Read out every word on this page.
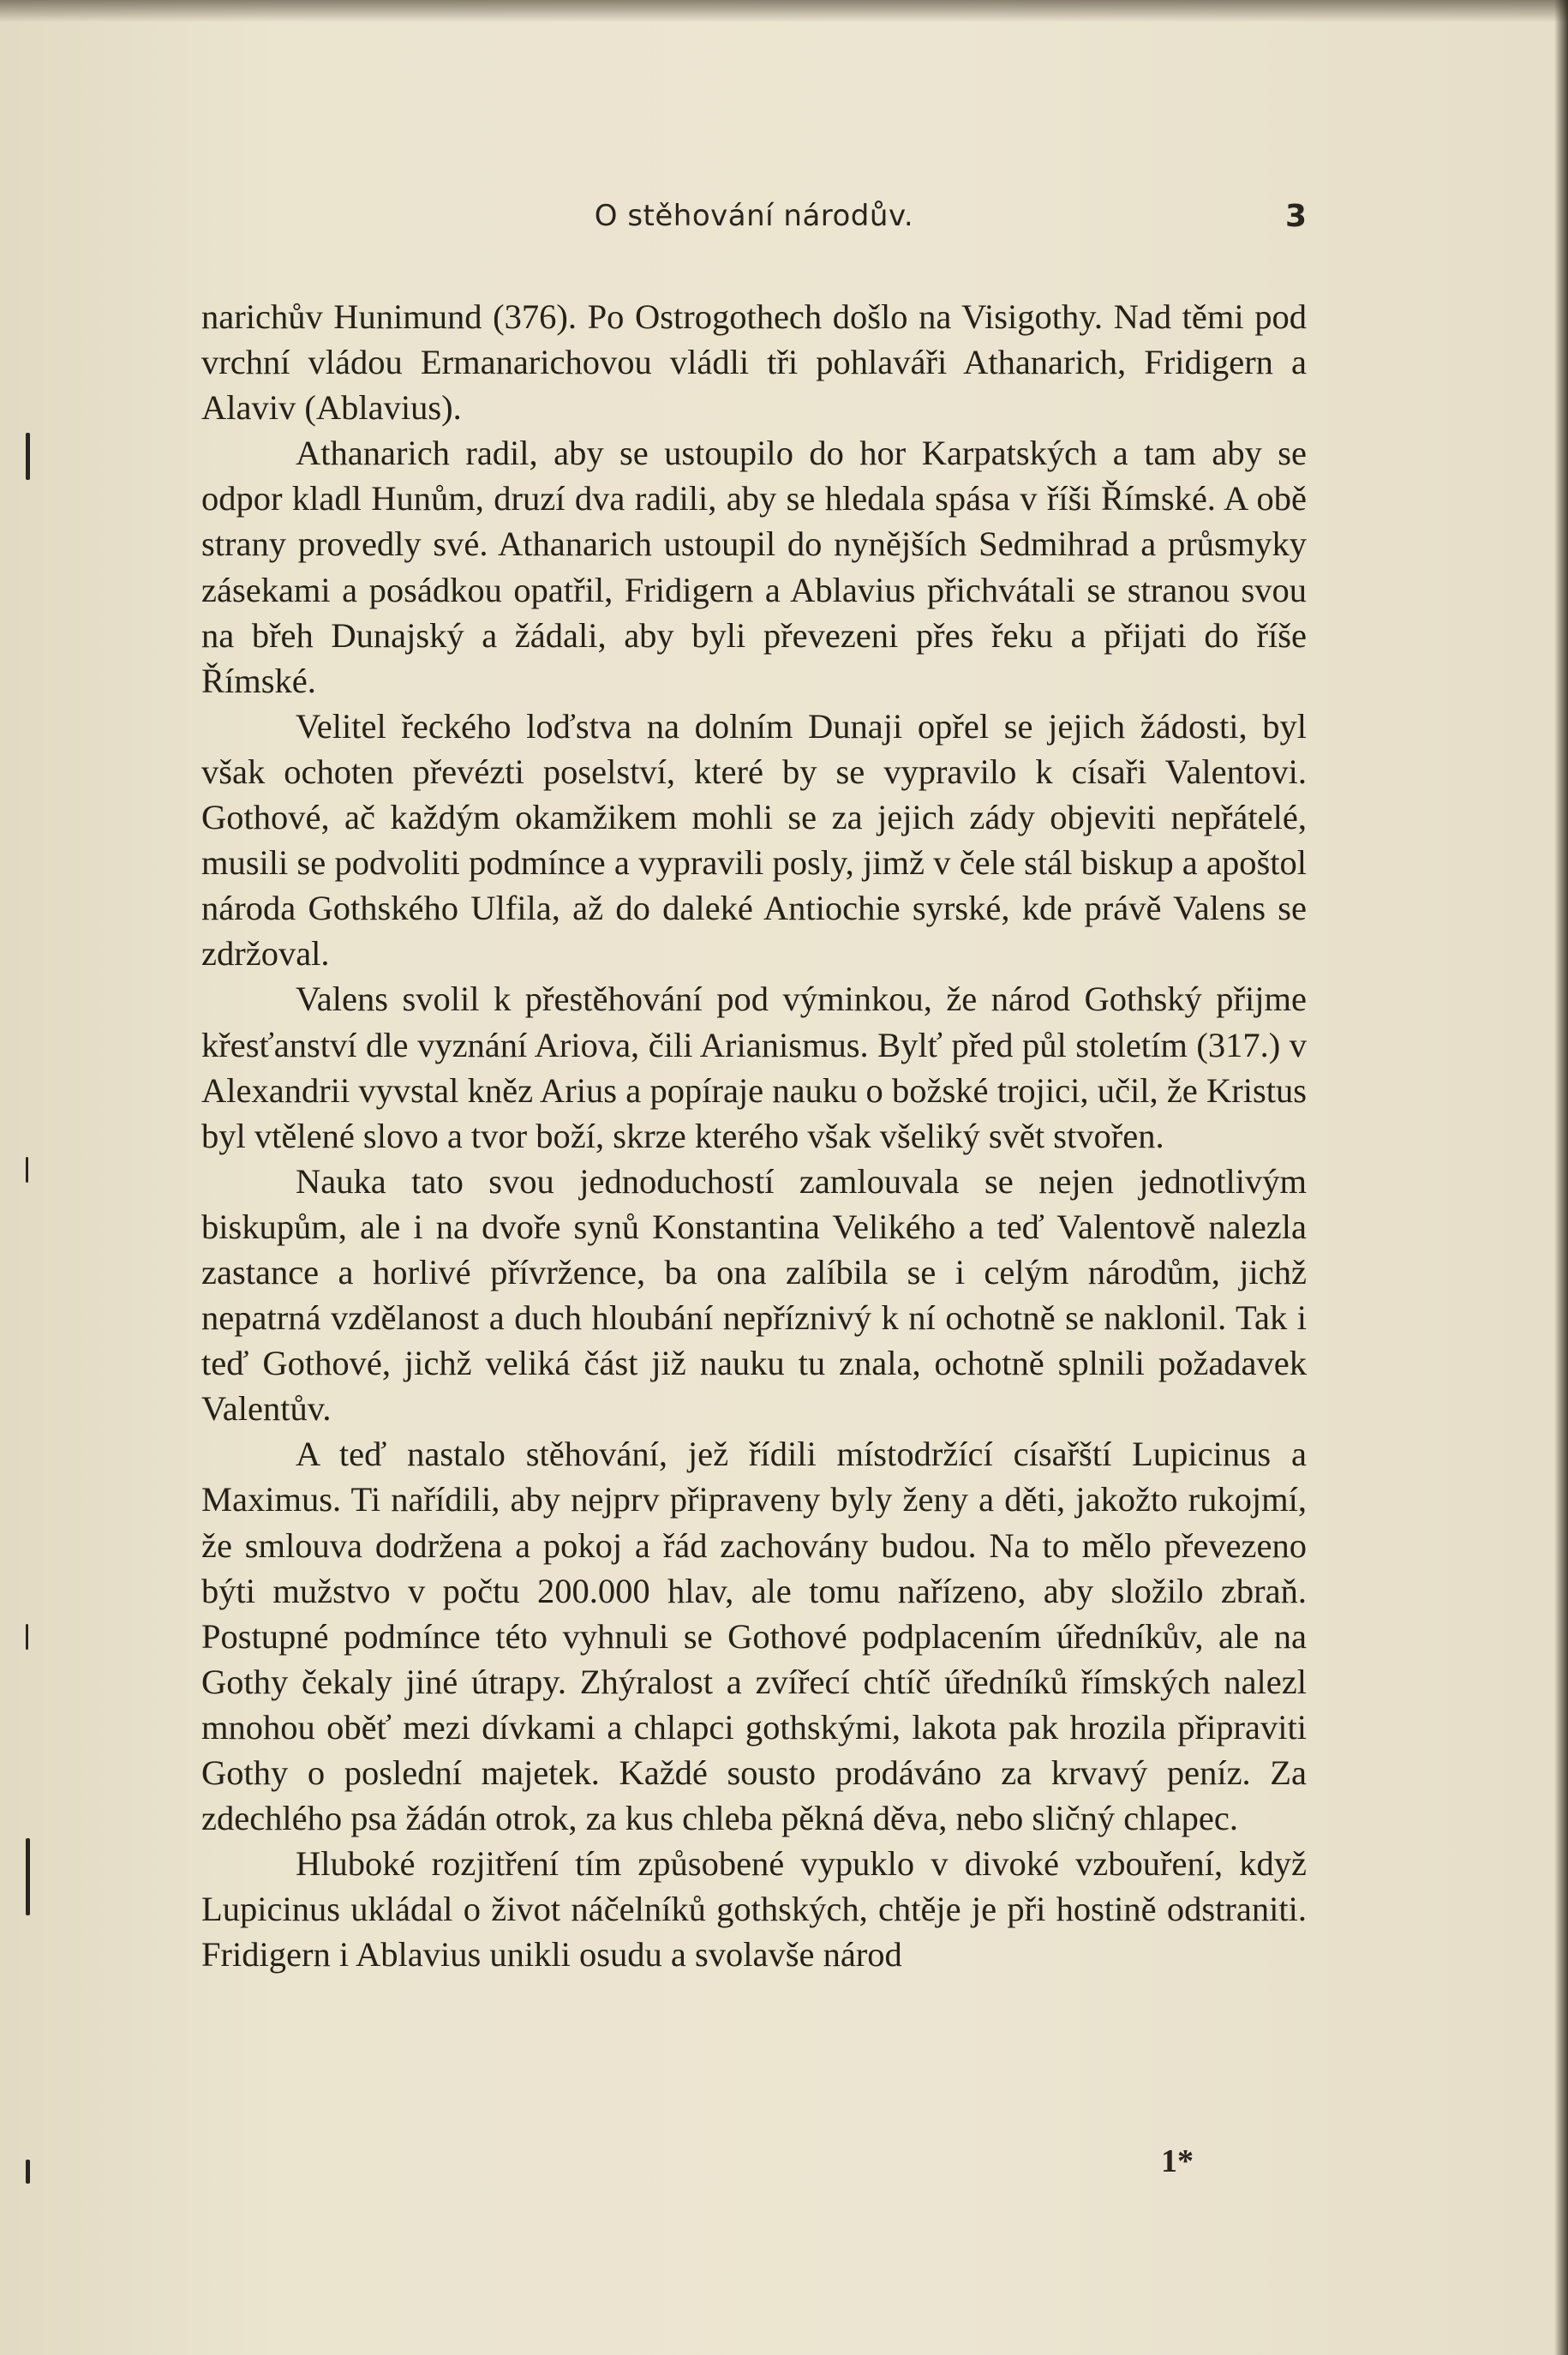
O stěhování národův.	3

narichův Hunimund (376). Po Ostrogothech došlo na Visigothy. Nad těmi pod vrchní vládou Ermanarichovou vládli tři pohlaváři Athanarich, Fridigern a Alaviv (Ablavius).

Athanarich radil, aby se ustoupilo do hor Karpatských a tam aby se odpor kladl Hunům, druzí dva radili, aby se hledala spása v říši Římské. A obě strany provedly své. Athanarich ustoupil do nynějších Sedmihrad a průsmyky zásekami a posádkou opatřil, Fridigern a Ablavius přichvátali se stranou svou na břeh Dunajský a žádali, aby byli převezeni přes řeku a přijati do říše Římské.

Velitel řeckého loďstva na dolním Dunaji opřel se jejich žádosti, byl však ochoten převézti poselství, které by se vypravilo k císaři Valentovi. Gothové, ač každým okamžikem mohli se za jejich zády objeviti nepřátelé, musili se podvoliti podmínce a vypravili posly, jimž v čele stál biskup a apoštol národa Gothského Ulfila, až do daleké Antiochie syrské, kde právě Valens se zdržoval.

Valens svolil k přestěhování pod výminkou, že národ Gothský přijme křesťanství dle vyznání Ariova, čili Arianismus. Bylť před půl stoletím (317.) v Alexandrii vyvstal kněz Arius a popíraje nauku o božské trojici, učil, že Kristus byl vtělené slovo a tvor boží, skrze kterého však všeliký svět stvořen.

Nauka tato svou jednoduchostí zamlouvala se nejen jednotlivým biskupům, ale i na dvoře synů Konstantina Velikého a teď Valentově nalezla zastance a horlivé přívržence, ba ona zalíbila se i celým národům, jichž nepatrná vzdělanost a duch hloubání nepříznivý k ní ochotně se naklonil. Tak i teď Gothové, jichž veliká část již nauku tu znala, ochotně splnili požadavek Valentův.

A teď nastalo stěhování, jež řídili místodržící císařští Lupicinus a Maximus. Ti nařídili, aby nejprv připraveny byly ženy a děti, jakožto rukojmí, že smlouva dodržena a pokoj a řád zachovány budou. Na to mělo převezeno býti mužstvo v počtu 200.000 hlav, ale tomu nařízeno, aby složilo zbraň. Postupné podmínce této vyhnuli se Gothové podplacením úředníkův, ale na Gothy čekaly jiné útrapy. Zhýralost a zvířecí chtíč úředníků římských nalezl mnohou oběť mezi dívkami a chlapci gothskými, lakota pak hrozila připraviti Gothy o poslední majetek. Každé sousto prodáváno za krvavý peníz. Za zdechlého psa žádán otrok, za kus chleba pěkná děva, nebo sličný chlapec.

Hluboké rozjitření tím způsobené vypuklo v divoké vzbouření, když Lupicinus ukládal o život náčelníků gothských, chtěje je při hostině odstraniti. Fridigern i Ablavius unikli osudu a svolavše národ

1*
